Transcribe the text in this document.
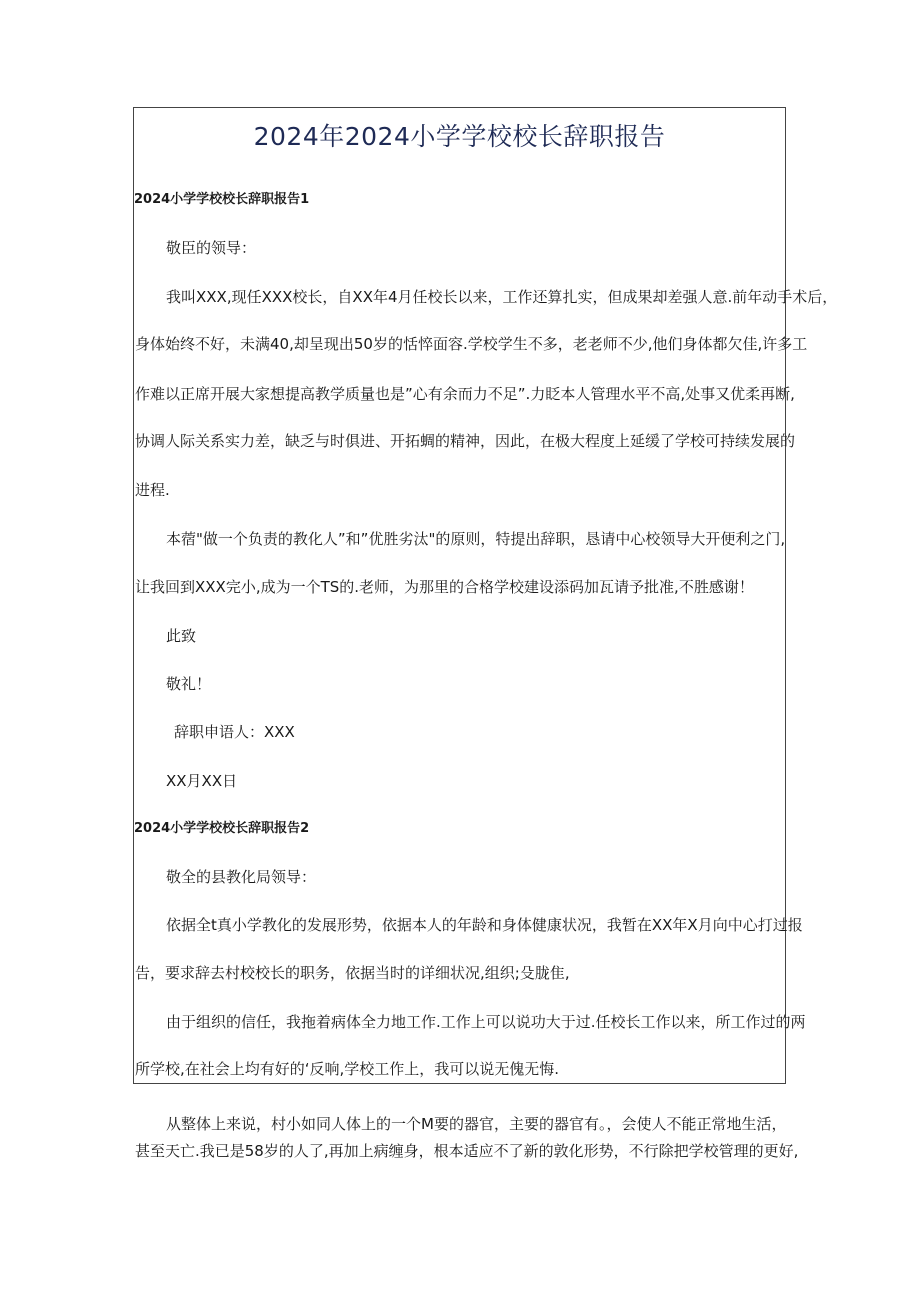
2024年2024小学学校校长辞职报告
2024小学学校校长辞职报告1
敬臣的领导：
我叫XXX,现任XXX校长，自XX年4月任校长以来，工作还算扎实，但成果却差强人意.前年动手术后，
身体始终不好，未满40,却呈现出50岁的恬悴面容.学校学生不多，老老师不少,他们身体都欠佳,许多工
作难以正席开展大家想提高教学质量也是”心有余而力不足”.力眨本人管理水平不高,处事又优柔再断,
协调人际关系实力差，缺乏与时俱进、开拓蜩的精神，因此，在极大程度上延缓了学校可持续发展的
进程.
本蓿"做一个负责的教化人”和”优胜劣汰"的原则，特提出辞职，恳请中心校领导大开便利之门,
让我回到XXX完小,成为一个TS的.老师，为那里的合格学校建设添码加瓦请予批准,不胜感谢！
此致
敬礼！
辞职申语人：XXX
XX月XX日
2024小学学校校长辞职报告2
敬全的县教化局领导：
依据全t真小学教化的发展形势，依据本人的年龄和身体健康状况，我暂在XX年X月向中心打过报
告，要求辞去村校校长的职务，依据当时的详细状况,组织;殳胧隹,
由于组织的信任，我拖着病体全力地工作.工作上可以说功大于过.任校长工作以来，所工作过的两
所学校,在社会上均有好的‘反响,学校工作上，我可以说无傀无悔.
从整体上来说，村小如同人体上的一个M要的器官，主要的器官有。，会使人不能正常地生活，
甚至天亡.我已是58岁的人了,再加上病缠身，根本适应不了新的敦化形势，不行除把学校管理的更好,
